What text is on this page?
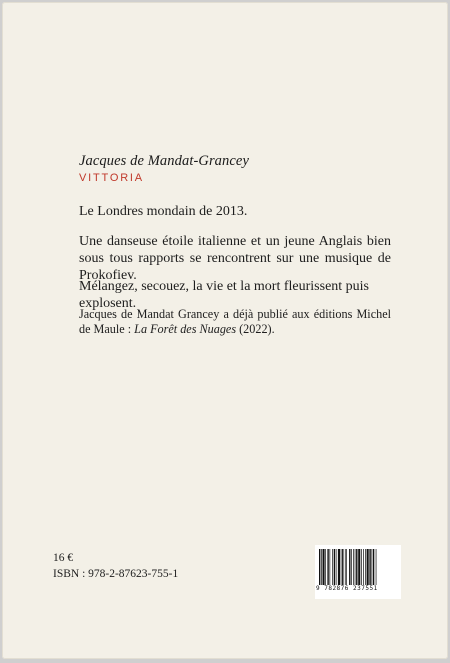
Jacques de Mandat-Grancey
VITTORIA

Le Londres mondain de 2013.

Une danseuse étoile italienne et un jeune Anglais bien sous tous rapports se rencontrent sur une musique de Prokofiev.

Mélangez, secouez, la vie et la mort fleurissent puis explosent.

Jacques de Mandat Grancey a déjà publié aux éditions Michel de Maule : La Forêt des Nuages (2022).

16 €
ISBN : 978-2-87623-755-1
9 782876 237551
